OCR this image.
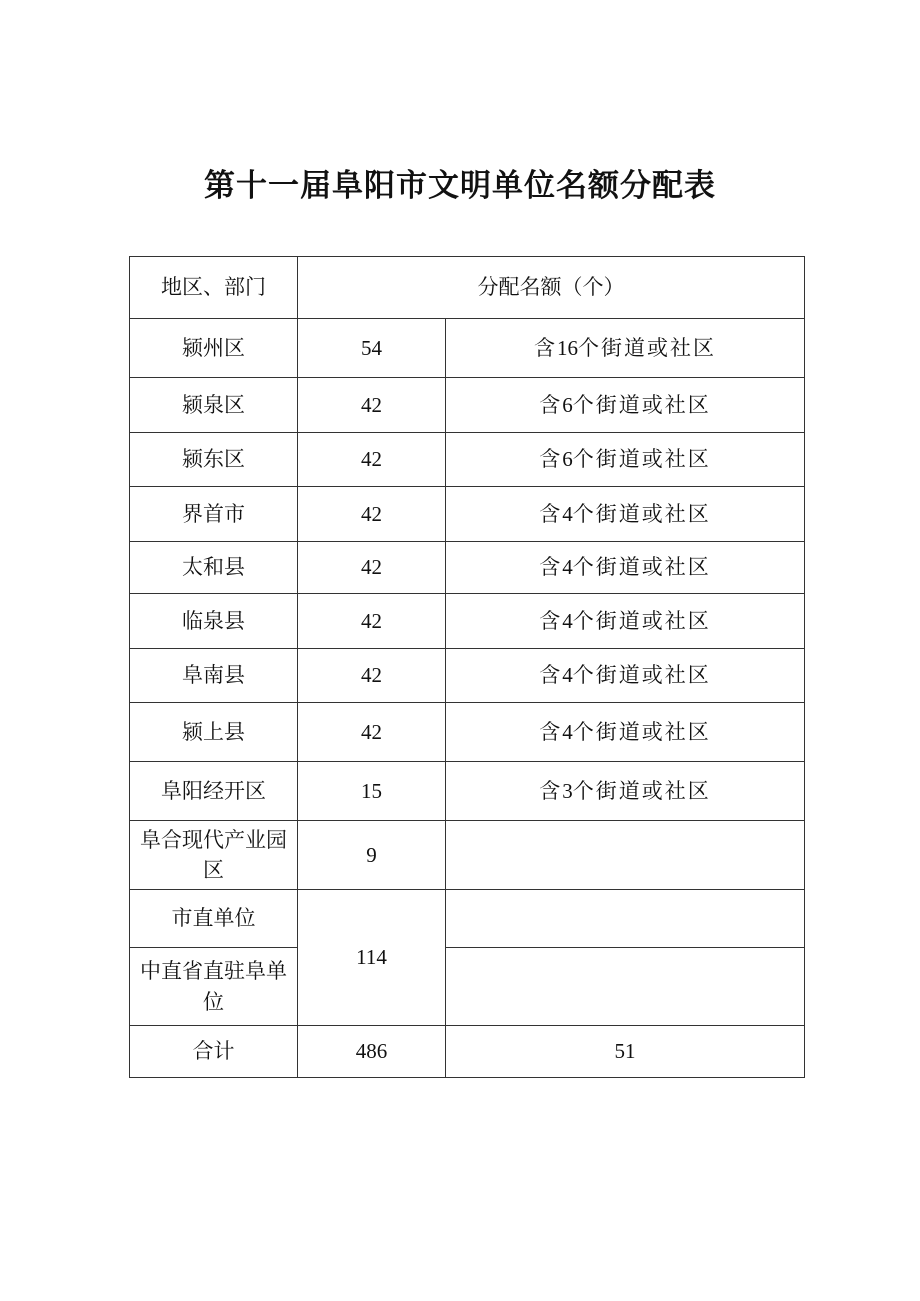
第十一届阜阳市文明单位名额分配表
地区、部门	分配名额（个）	
颍州区	54	含16个街道或社区
颍泉区	42	含6个街道或社区
颍东区	42	含6个街道或社区
界首市	42	含4个街道或社区
太和县	42	含4个街道或社区
临泉县	42	含4个街道或社区
阜南县	42	含4个街道或社区
颍上县	42	含4个街道或社区
阜阳经开区	15	含3个街道或社区
阜合现代产业园区	9	
市直单位	114	
中直省直驻阜单位		
合计	486	51
